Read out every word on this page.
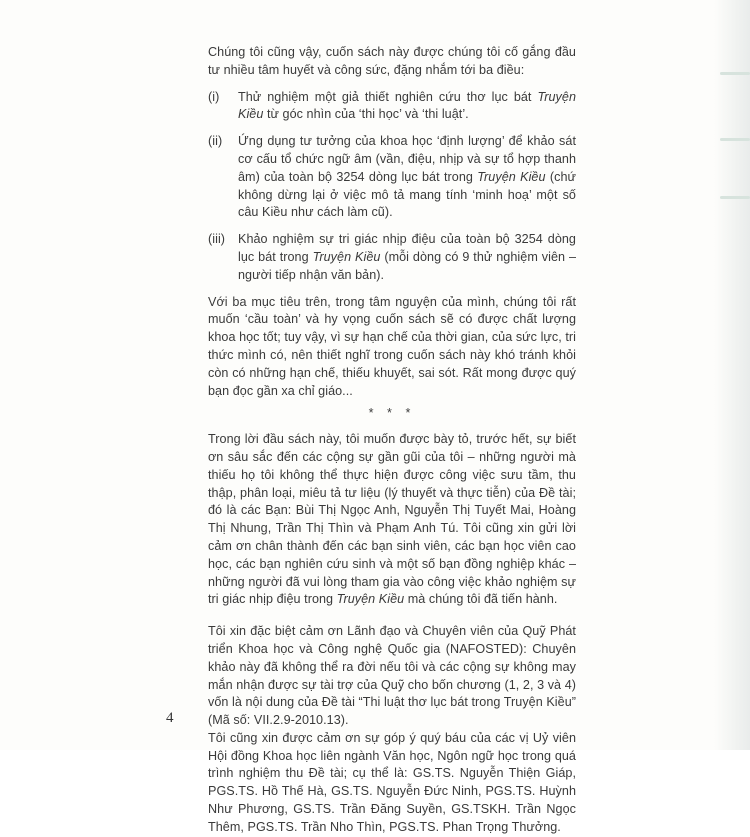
Chúng tôi cũng vậy, cuốn sách này được chúng tôi cố gắng đầu tư nhiều tâm huyết và công sức, đặng nhắm tới ba điều:

(i)	Thử nghiệm một giả thiết nghiên cứu thơ lục bát Truyện Kiều từ góc nhìn của ‘thi học’ và ‘thi luật’.
(ii)	Ứng dụng tư tưởng của khoa học ‘định lượng’ để khảo sát cơ cấu tổ chức ngữ âm (vần, điệu, nhịp và sự tổ hợp thanh âm) của toàn bộ 3254 dòng lục bát trong Truyện Kiều (chứ không dừng lại ở việc mô tả mang tính ‘minh hoạ’ một số câu Kiều như cách làm cũ).
(iii)	Khảo nghiệm sự tri giác nhịp điệu của toàn bộ 3254 dòng lục bát trong Truyện Kiều (mỗi dòng có 9 thử nghiệm viên – người tiếp nhận văn bản).

Với ba mục tiêu trên, trong tâm nguyện của mình, chúng tôi rất muốn ‘cầu toàn’ và hy vọng cuốn sách sẽ có được chất lượng khoa học tốt; tuy vậy, vì sự hạn chế của thời gian, của sức lực, tri thức mình có, nên thiết nghĩ trong cuốn sách này khó tránh khỏi còn có những hạn chế, thiếu khuyết, sai sót. Rất mong được quý bạn đọc gần xa chỉ giáo...

* * *

Trong lời đầu sách này, tôi muốn được bày tỏ, trước hết, sự biết ơn sâu sắc đến các cộng sự gần gũi của tôi – những người mà thiếu họ tôi không thể thực hiện được công việc sưu tầm, thu thập, phân loại, miêu tả tư liệu (lý thuyết và thực tiễn) của Đề tài; đó là các Bạn: Bùi Thị Ngọc Anh, Nguyễn Thị Tuyết Mai, Hoàng Thị Nhung, Trần Thị Thìn và Phạm Anh Tú. Tôi cũng xin gửi lời cảm ơn chân thành đến các bạn sinh viên, các bạn học viên cao học, các bạn nghiên cứu sinh và một số bạn đồng nghiệp khác – những người đã vui lòng tham gia vào công việc khảo nghiệm sự tri giác nhịp điệu trong Truyện Kiều mà chúng tôi đã tiến hành.

Tôi xin đặc biệt cảm ơn Lãnh đạo và Chuyên viên của Quỹ Phát triển Khoa học và Công nghệ Quốc gia (NAFOSTED): Chuyên khảo này đã không thể ra đời nếu tôi và các cộng sự không may mắn nhận được sự tài trợ của Quỹ cho bốn chương (1, 2, 3 và 4) vốn là nội dung của Đề tài “Thi luật thơ lục bát trong Truyện Kiều” (Mã số: VII.2.9-2010.13).

Tôi cũng xin được cảm ơn sự góp ý quý báu của các vị Uỷ viên Hội đồng Khoa học liên ngành Văn học, Ngôn ngữ học trong quá trình nghiệm thu Đề tài; cụ thể là: GS.TS. Nguyễn Thiện Giáp, PGS.TS. Hồ Thế Hà, GS.TS. Nguyễn Đức Ninh, PGS.TS. Huỳnh Như Phương, GS.TS. Trần Đăng Suyền, GS.TSKH. Trần Ngọc Thêm, PGS.TS. Trần Nho Thìn, PGS.TS. Phan Trọng Thưởng.

4
